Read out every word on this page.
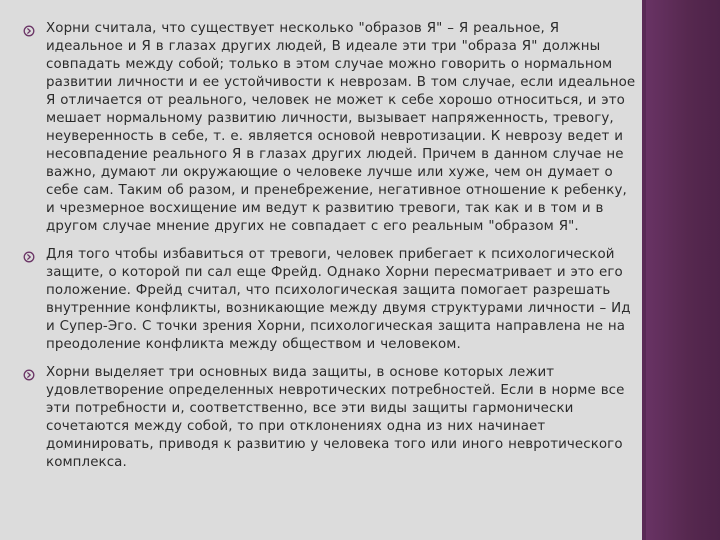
Хорни считала, что существует несколько "образов Я" – Я реальное, Я идеальное и Я в глазах других людей, В идеале эти три "образа Я" должны совпадать между собой; только в этом случае можно говорить о нормальном развитии личности и ее устойчивости к неврозам. В том случае, если идеальное Я отличается от реального, человек не может к себе хорошо относиться, и это мешает нормальному развитию личности, вызывает напряженность, тревогу, неуверенность в себе, т. е. является основой невротизации. К неврозу ведет и несовпадение реального Я в глазах других людей. Причем в данном случае не важно, думают ли окружающие о человеке лучше или хуже, чем он думает о себе сам. Таким об разом, и пренебрежение, негативное отношение к ребенку, и чрезмерное восхищение им ведут к развитию тревоги, так как и в том и в другом случае мнение других не совпадает с его реальным "образом Я".
Для того чтобы избавиться от тревоги, человек прибегает к психологической защите, о которой пи сал еще Фрейд. Однако Хорни пересматривает и это его положение. Фрейд считал, что психологическая защита помогает разрешать внутренние конфликты, возникающие между двумя структурами личности – Ид и Супер-Эго. С точки зрения Хорни, психологическая защита направлена не на преодоление конфликта между обществом и человеком.
Хорни выделяет три основных вида защиты, в основе которых лежит удовлетворение определенных невротических потребностей. Если в норме все эти потребности и, соответственно, все эти виды защиты гармонически сочетаются между собой, то при отклонениях одна из них начинает доминировать, приводя к развитию у человека того или иного невротического комплекса.
